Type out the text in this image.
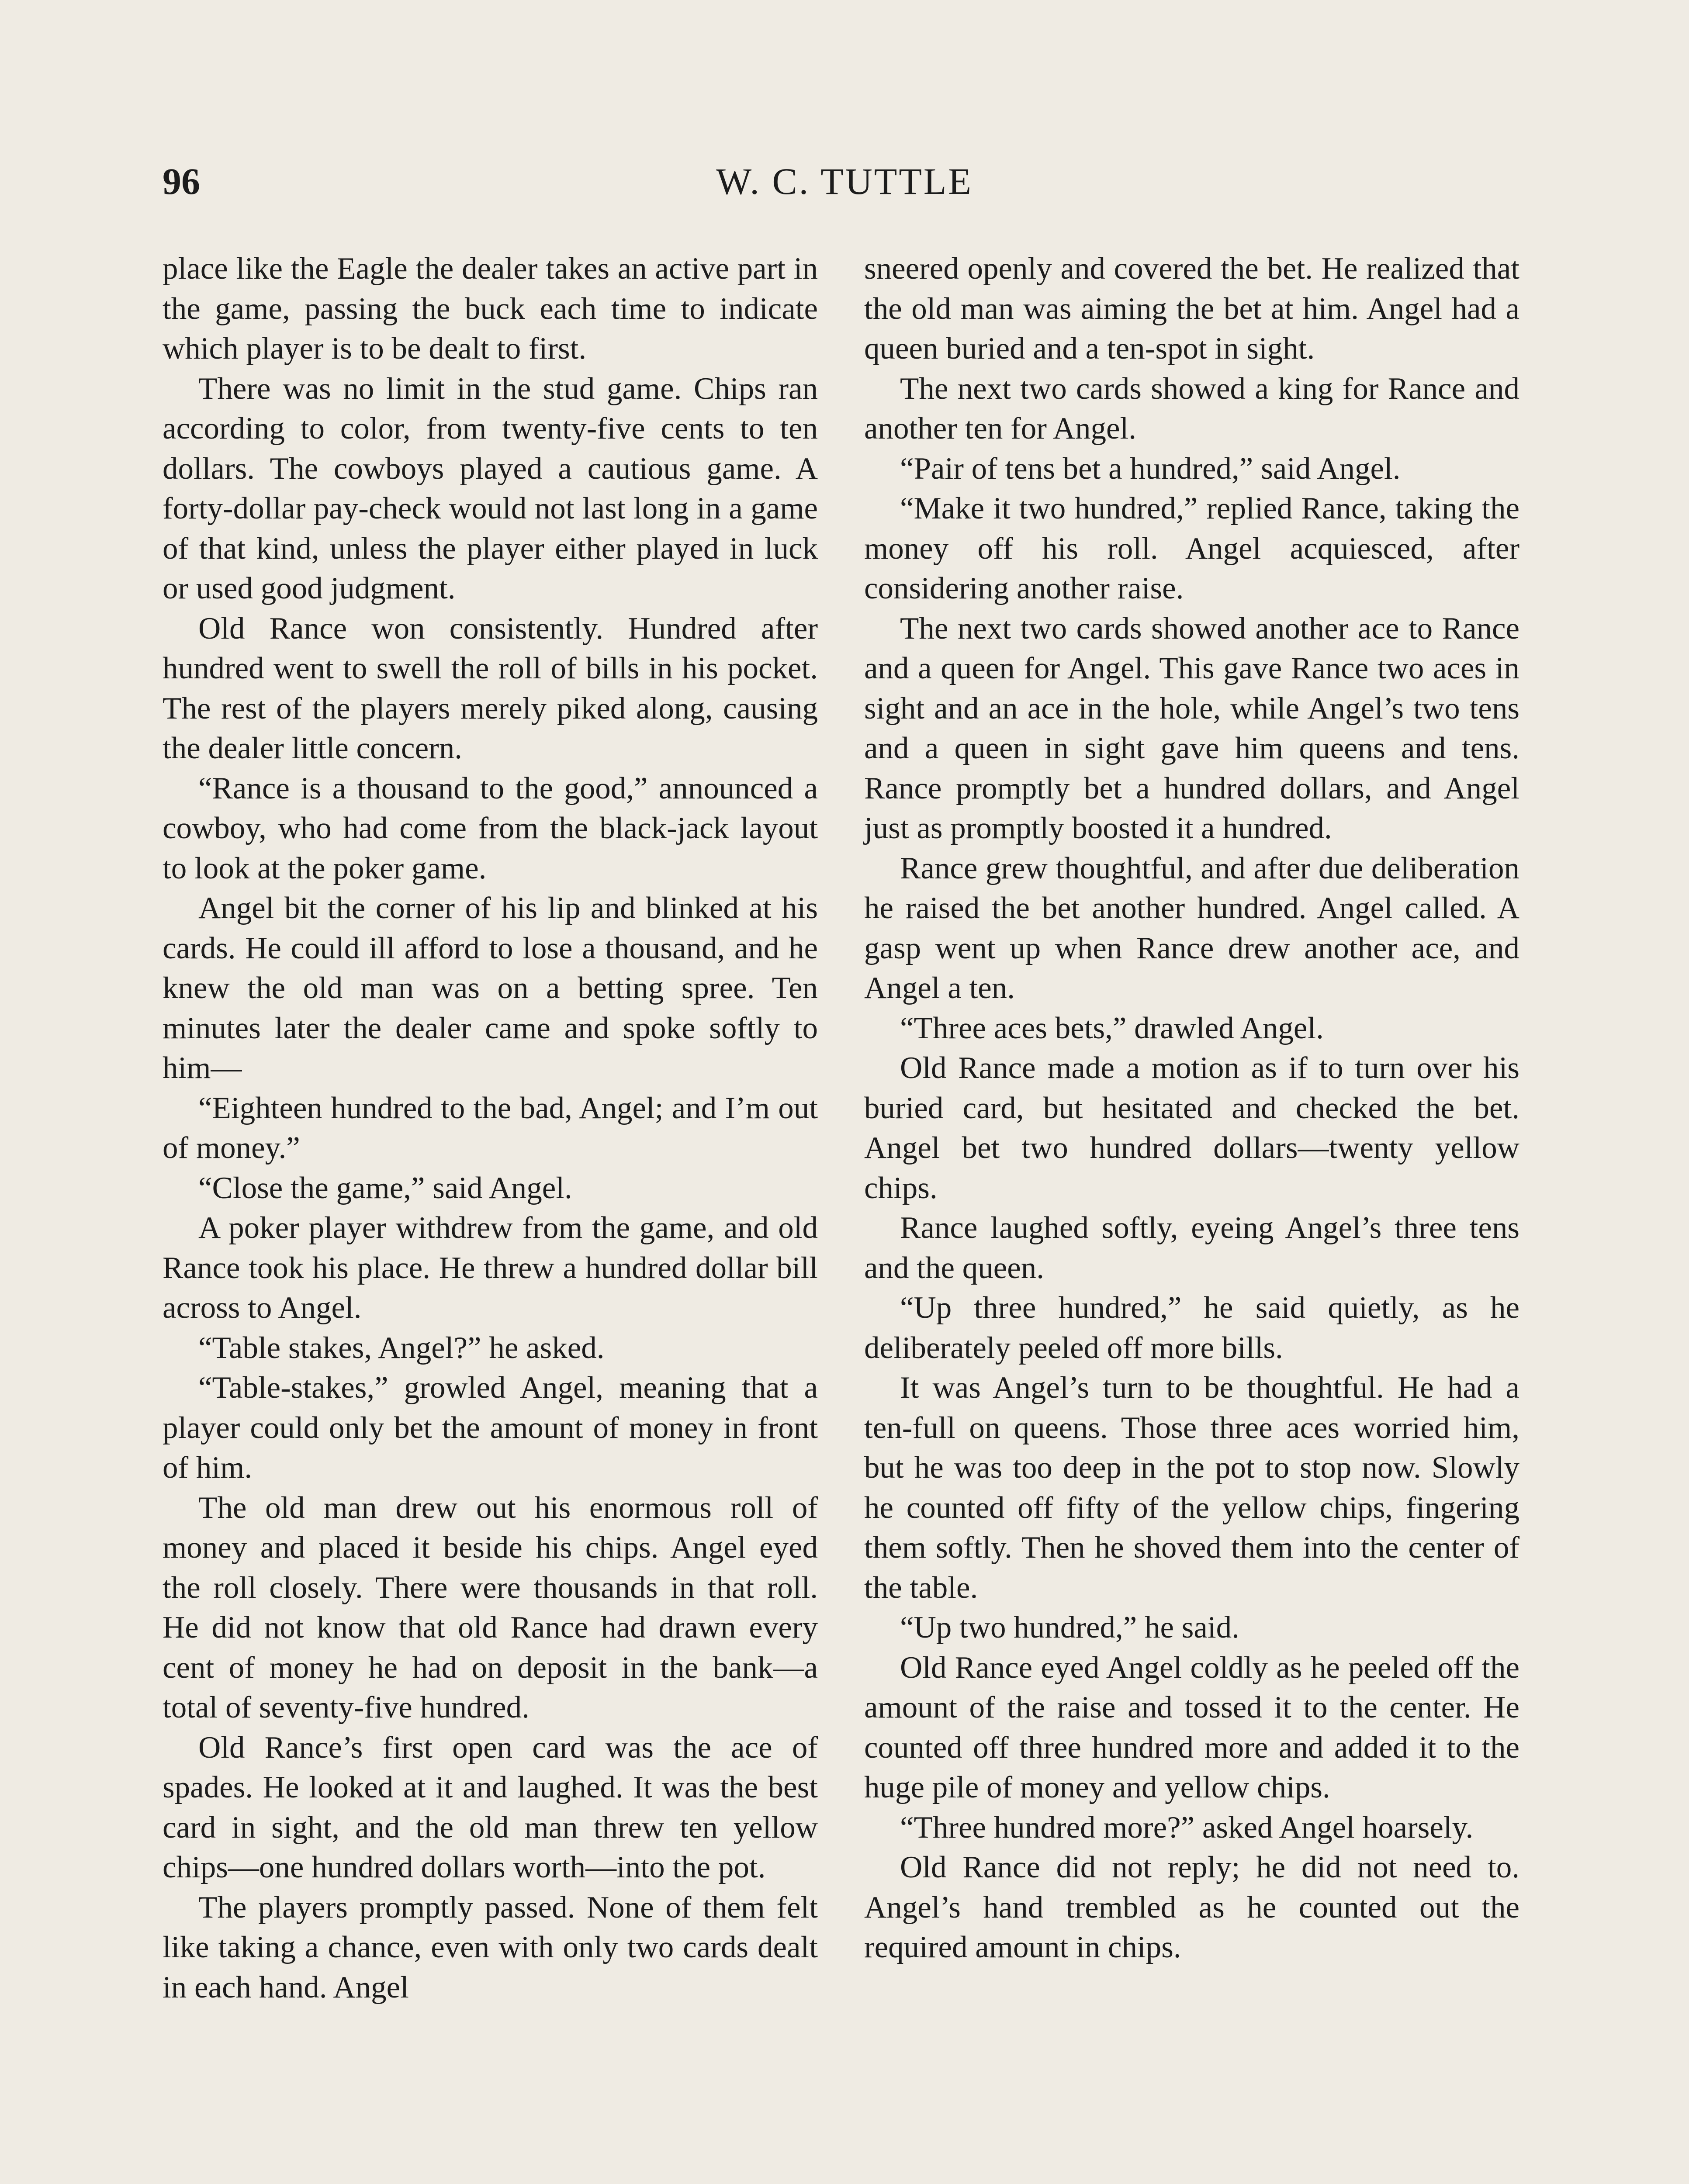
96	W. C. TUTTLE

place like the Eagle the dealer takes an active part in the game, passing the buck each time to indicate which player is to be dealt to first.

There was no limit in the stud game. Chips ran according to color, from twenty-five cents to ten dollars. The cowboys played a cautious game. A forty-dollar pay-check would not last long in a game of that kind, unless the player either played in luck or used good judgment.

Old Rance won consistently. Hundred after hundred went to swell the roll of bills in his pocket. The rest of the players merely piked along, causing the dealer little concern.

“Rance is a thousand to the good,” announced a cowboy, who had come from the black-jack layout to look at the poker game.

Angel bit the corner of his lip and blinked at his cards. He could ill afford to lose a thousand, and he knew the old man was on a betting spree. Ten minutes later the dealer came and spoke softly to him—

“Eighteen hundred to the bad, Angel; and I’m out of money.”

“Close the game,” said Angel.

A poker player withdrew from the game, and old Rance took his place. He threw a hundred dollar bill across to Angel.

“Table stakes, Angel?” he asked.

“Table-stakes,” growled Angel, meaning that a player could only bet the amount of money in front of him.

The old man drew out his enormous roll of money and placed it beside his chips. Angel eyed the roll closely. There were thousands in that roll. He did not know that old Rance had drawn every cent of money he had on deposit in the bank—a total of seventy-five hundred.

Old Rance’s first open card was the ace of spades. He looked at it and laughed. It was the best card in sight, and the old man threw ten yellow chips—one hundred dollars worth—into the pot.

The players promptly passed. None of them felt like taking a chance, even with only two cards dealt in each hand. Angel

sneered openly and covered the bet. He realized that the old man was aiming the bet at him. Angel had a queen buried and a ten-spot in sight.

The next two cards showed a king for Rance and another ten for Angel.

“Pair of tens bet a hundred,” said Angel.

“Make it two hundred,” replied Rance, taking the money off his roll. Angel acquiesced, after considering another raise.

The next two cards showed another ace to Rance and a queen for Angel. This gave Rance two aces in sight and an ace in the hole, while Angel’s two tens and a queen in sight gave him queens and tens. Rance promptly bet a hundred dollars, and Angel just as promptly boosted it a hundred.

Rance grew thoughtful, and after due deliberation he raised the bet another hundred. Angel called. A gasp went up when Rance drew another ace, and Angel a ten.

“Three aces bets,” drawled Angel.

Old Rance made a motion as if to turn over his buried card, but hesitated and checked the bet. Angel bet two hundred dollars—twenty yellow chips.

Rance laughed softly, eyeing Angel’s three tens and the queen.

“Up three hundred,” he said quietly, as he deliberately peeled off more bills.

It was Angel’s turn to be thoughtful. He had a ten-full on queens. Those three aces worried him, but he was too deep in the pot to stop now. Slowly he counted off fifty of the yellow chips, fingering them softly. Then he shoved them into the center of the table.

“Up two hundred,” he said.

Old Rance eyed Angel coldly as he peeled off the amount of the raise and tossed it to the center. He counted off three hundred more and added it to the huge pile of money and yellow chips.

“Three hundred more?” asked Angel hoarsely.

Old Rance did not reply; he did not need to. Angel’s hand trembled as he counted out the required amount in chips.
